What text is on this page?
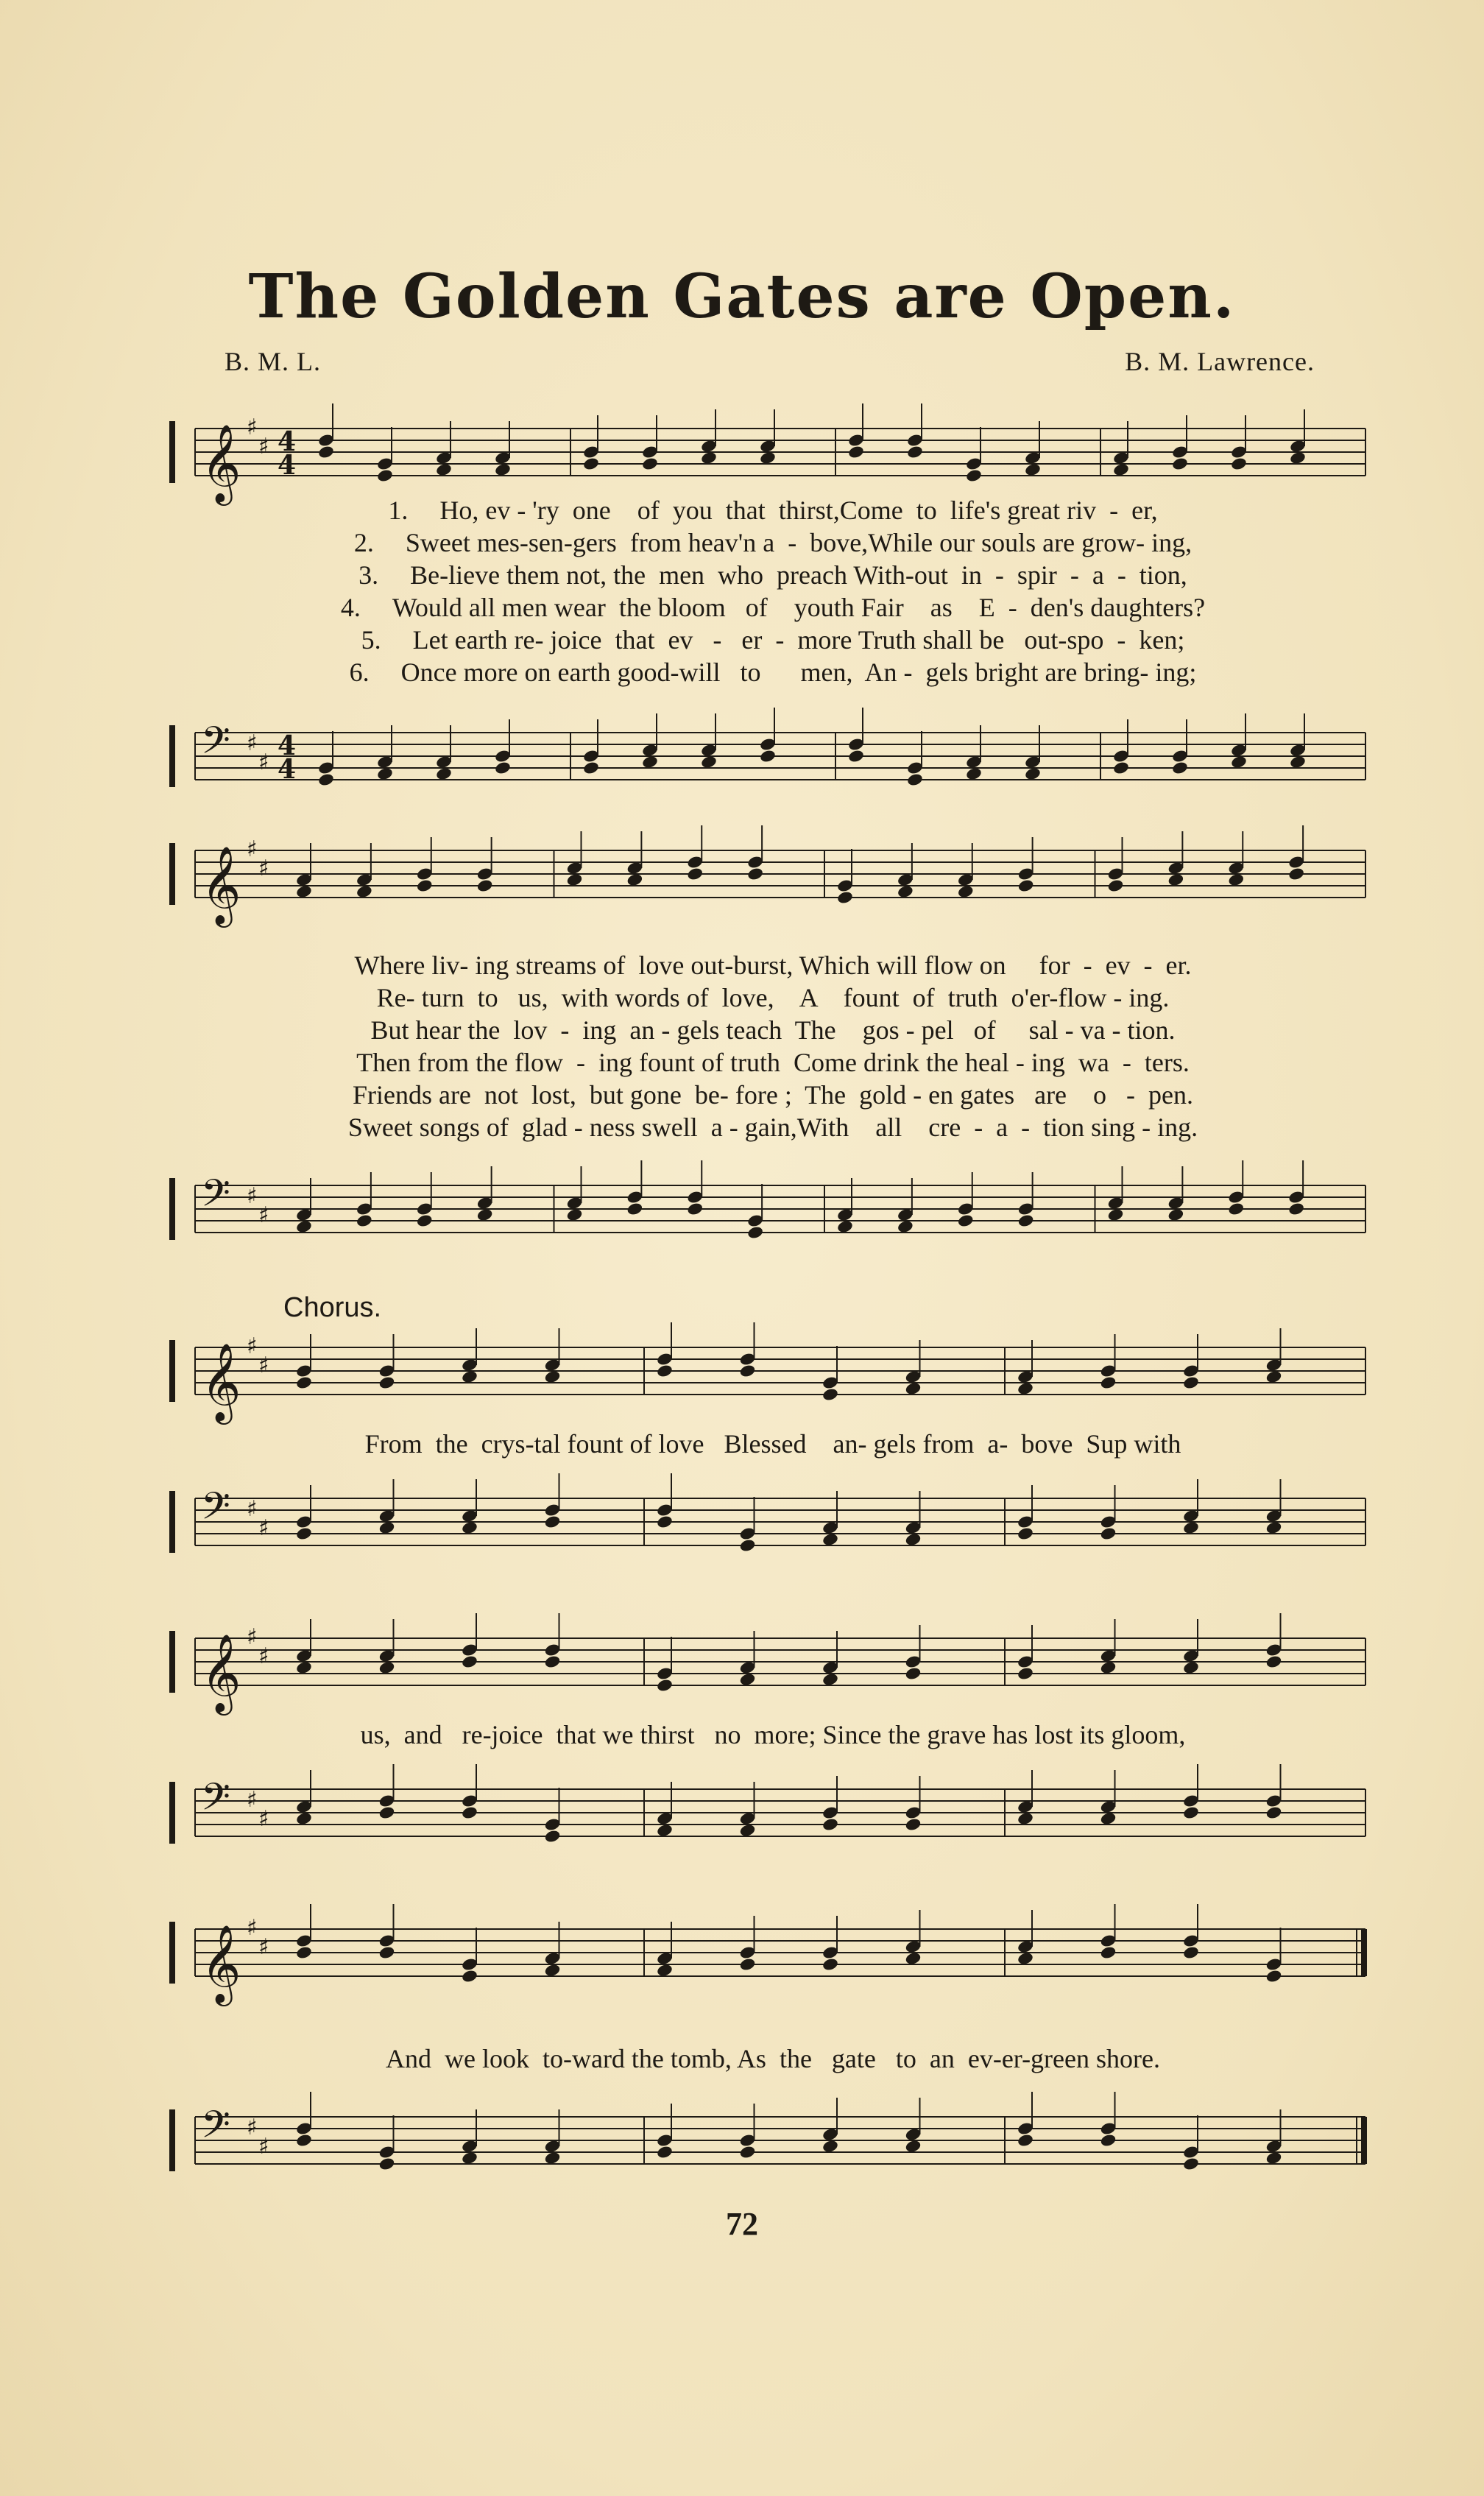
The Golden Gates are Open.
B. M. L.	B. M. Lawrence.
𝄞 ♯
♯ 4
4
1. Ho, ev - 'ry  one    of  you  that  thirst,Come  to  life's great riv  -  er,
2. Sweet mes-sen-gers  from heav'n a  -  bove,While our souls are grow- ing,
3. Be-lieve them not, the  men  who  preach With-out  in  -  spir  -  a  -  tion,
4. Would all men wear  the bloom   of    youth Fair    as    E  -  den's daughters?
5. Let earth re- joice  that  ev   -   er  -  more Truth shall be   out-spo  -  ken;
6. Once more on earth good-will   to      men,  An -  gels bright are bring- ing;
𝄢 ♯
♯
4
4
𝄞 ♯
♯
Where liv- ing streams of  love out-burst, Which will flow on     for  -  ev  -  er.
Re- turn  to   us,  with words of  love,    A    fount  of  truth  o'er-flow - ing.
But hear the  lov  -  ing  an - gels teach  The    gos - pel   of     sal - va - tion.
Then from the flow  -  ing fount of truth  Come drink the heal - ing  wa  -  ters.
Friends are  not  lost,  but gone  be- fore ;  The  gold - en gates   are    o   -  pen.
Sweet songs of  glad - ness swell  a - gain,With    all    cre  -  a  -  tion sing - ing.
𝄢 ♯
♯
Chorus.
𝄞 ♯
♯
From  the  crys-tal fount of love   Blessed    an- gels from  a-  bove  Sup with
𝄢 ♯
♯
𝄞 ♯
♯
us,  and   re-joice  that we thirst   no  more; Since the grave has lost its gloom,
𝄢 ♯
♯
𝄞 ♯
♯
And  we look  to-ward the tomb, As  the   gate   to  an  ev-er-green shore.
𝄢 ♯
♯
72
